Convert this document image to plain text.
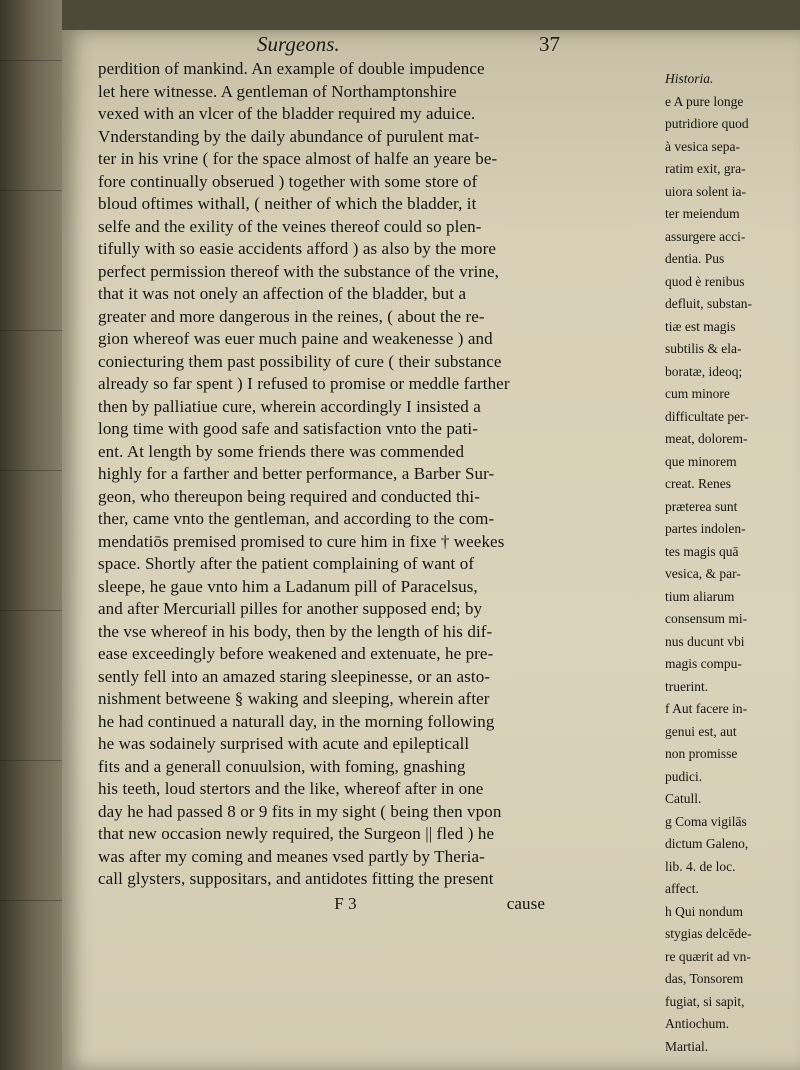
Surgeons.	37
perdition of mankind. An example of double impudence
let here witnesse. A gentleman of Northamptonshire
vexed with an vlcer of the bladder required my aduice.
Vnderstanding by the daily abundance of purulent mat-
ter in his vrine ( for the space almost of halfe an yeare be-
fore continually obserued ) together with some store of
bloud oftimes withall, ( neither of which the bladder, it
selfe and the exility of the veines thereof could so plen-
tifully with so easie accidents afford ) as also by the more
perfect permission thereof with the substance of the vrine,
that it was not onely an affection of the bladder, but a
greater and more dangerous in the reines, ( about the re-
gion whereof was euer much paine and weakenesse ) and
coniecturing them past possibility of cure ( their substance
already so far spent ) I refused to promise or meddle farther
then by palliatiue cure, wherein accordingly I insisted a
long time with good safe and satisfaction vnto the pati-
ent. At length by some friends there was commended
highly for a farther and better performance, a Barber Sur-
geon, who thereupon being required and conducted thi-
ther, came vnto the gentleman, and according to the com-
mendatiōs premised promised to cure him in fixe † weekes
space. Shortly after the patient complaining of want of
sleepe, he gaue vnto him a Ladanum pill of Paracelsus,
and after Mercuriall pilles for another supposed end; by
the vse whereof in his body, then by the length of his dif-
ease exceedingly before weakened and extenuate, he pre-
sently fell into an amazed staring sleepinesse, or an asto-
nishment betweene § waking and sleeping, wherein after
he had continued a naturall day, in the morning following
he was sodainely surprised with acute and epilepticall
fits and a generall conuulsion, with foming, gnashing
his teeth, loud stertors and the like, whereof after in one
day he had passed 8 or 9 fits in my sight ( being then vpon
that new occasion newly required, the Surgeon || fled ) he
was after my coming and meanes vsed partly by Theria-
call glysters, suppositars, and antidotes fitting the present
F 3	cause
Historia.
e A pure longe
putridiore quod
à vesica sepa-
ratim exit, gra-
uiora solent ia-
ter meiendum
assurgere acci-
dentia. Pus
quod è renibus
defluit, substan-
tiæ est magis
subtilis & ela-
boratæ, ideoq;
cum minore
difficultate per-
meat, dolorem-
que minorem
creat. Renes
præterea sunt
partes indolen-
tes magis quā
vesica, & par-
tium aliarum
consensum mi-
nus ducunt vbi
magis compu-
truerint.
f Aut facere in-
genui est, aut
non promisse
pudici.
Catull.
g Coma vigilās
dictum Galeno,
lib. 4. de loc.
affect.
h Qui nondum
stygias delcēde-
re quærit ad vn-
das, Tonsorem
fugiat, si sapit,
Antiochum.
Martial.
